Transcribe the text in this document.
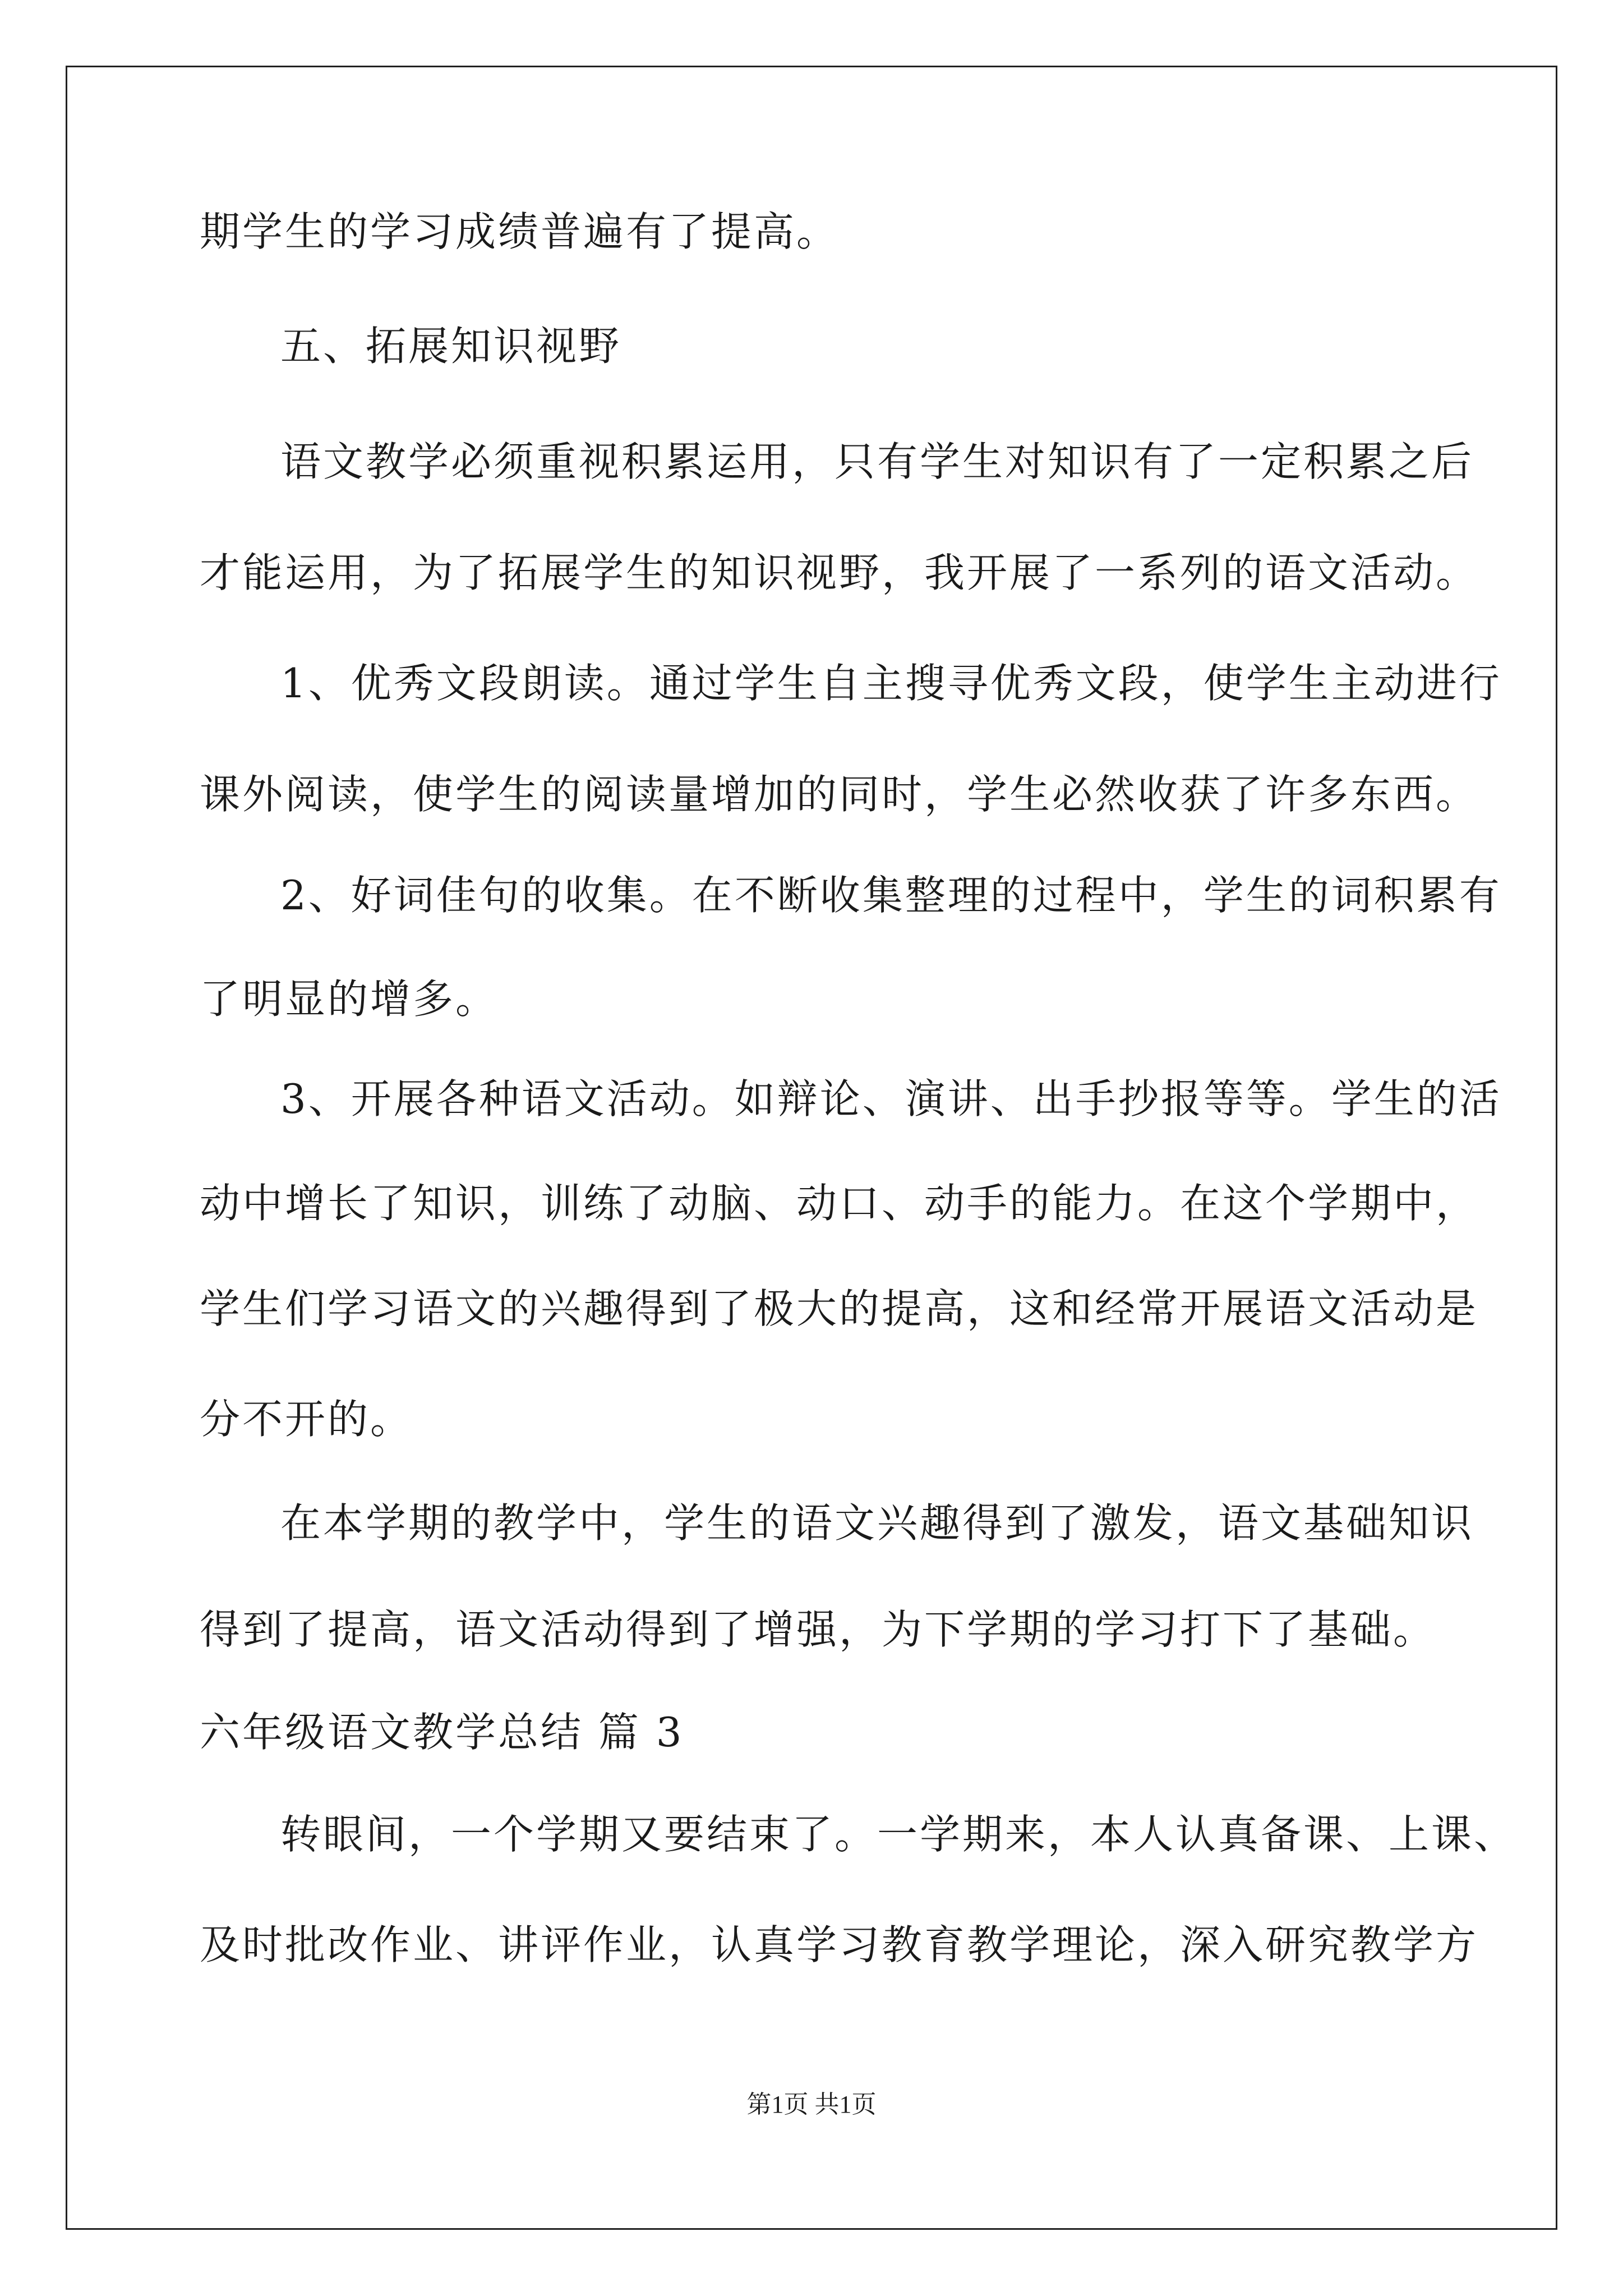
期学生的学习成绩普遍有了提高。
五、拓展知识视野
语文教学必须重视积累运用，只有学生对知识有了一定积累之后
才能运用，为了拓展学生的知识视野，我开展了一系列的语文活动。
1、优秀文段朗读。通过学生自主搜寻优秀文段，使学生主动进行
课外阅读，使学生的阅读量增加的同时，学生必然收获了许多东西。
2、好词佳句的收集。在不断收集整理的过程中，学生的词积累有
了明显的增多。
3、开展各种语文活动。如辩论、演讲、出手抄报等等。学生的活
动中增长了知识，训练了动脑、动口、动手的能力。在这个学期中，
学生们学习语文的兴趣得到了极大的提高，这和经常开展语文活动是
分不开的。
在本学期的教学中，学生的语文兴趣得到了激发，语文基础知识
得到了提高，语文活动得到了增强，为下学期的学习打下了基础。
六年级语文教学总结 篇 3
转眼间，一个学期又要结束了。一学期来，本人认真备课、上课、
及时批改作业、讲评作业，认真学习教育教学理论，深入研究教学方
第1页 共1页
